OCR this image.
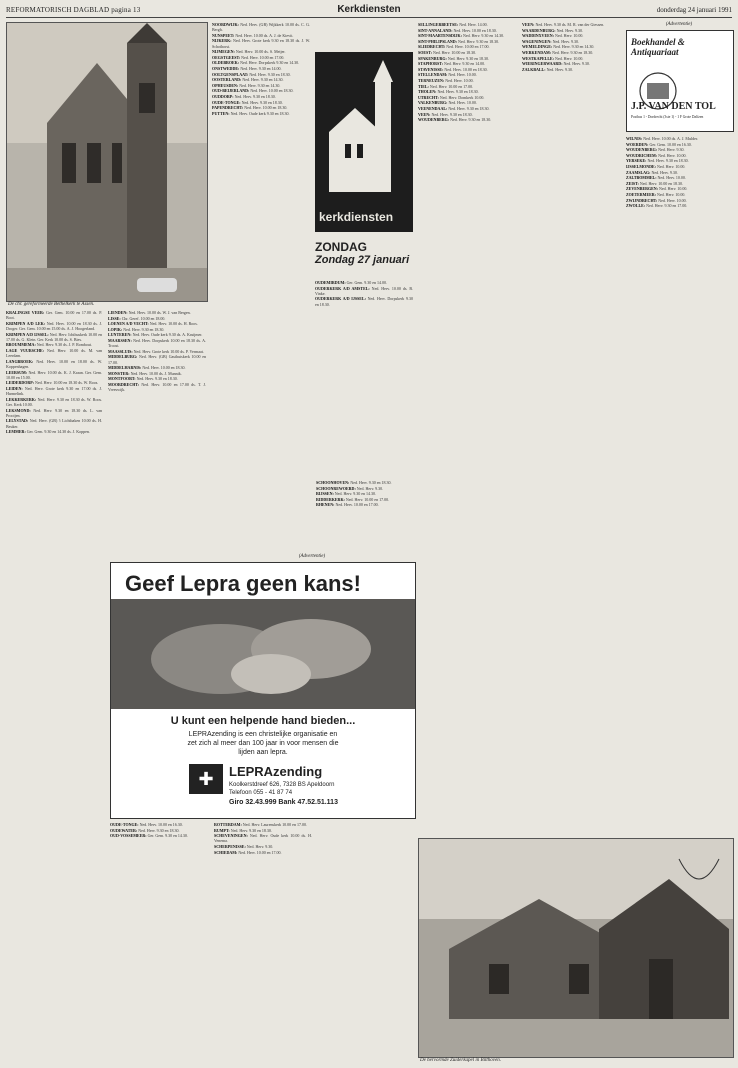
REFORMATORISCH DAGBLAD pagina 13	Kerkdiensten	donderdag 24 januari 1991
De chr. gereformeerde Bethelkerk te Assen.

KRALINGSE VEER: Ger. Gem. 10.00 en 17.00 ds. P. Boot.

KRIMPEN A/D LEK: Ned. Herv. 10.00 en 18.30 ds. J. Droger. Ger. Gem. 10.00 en 15.00 ds. A. J. Hoogerland.

KRIMPEN A/D IJSSEL: Ned. Herv. Ichthuskerk 10.00 en 17.00 ds. G. Klein. Ger. Kerk 10.00 ds. S. Bies.

BROUMMEMA: Ned. Herv. 9.30 ds. J. P. Rombout.

LAGE VUURSCHE: Ned. Herv. 10.00 ds. M. van Leerdam.

LANGBROEK: Ned. Herv. 10.00 en 18.00 ds. W. Koppenhagen.

LEERSUM: Ned. Herv. 10.00 ds. K. J. Kraan. Ger. Gem. 10.00 en 15.00.

LEIDERDORP: Ned. Herv. 10.00 en 18.30 ds. W. Roos.

LEIDEN: Ned. Herv. Grote kerk 9.30 en 17.00 ds. J. Harmelink.

LEKKERKERK: Ned. Herv. 9.30 en 18.30 ds. W. Roos. Ger. Kerk 10.00.

LEKSMOND: Ned. Herv. 9.30 en 18.30 ds. L. van Prooijen.

LELYSTAD: Ned. Herv. (GB) 't Lichtbaken 10.00 ds. H. Beuker.

LEMMER: Ger. Gem. 9.30 en 14.30 ds. J. Koppen.

LIENDEN: Ned. Herv. 10.00 ds. W. J. van Bergen.

LISSE: Chr. Geref. 10.00 en 18.00.

LOENEN A/D VECHT: Ned. Herv. 10.00 ds. H. Roos.

LOPIK: Ned. Herv. 9.30 en 18.30.

LUNTEREN: Ned. Herv. Oude kerk 9.30 ds. A. Kruijmer.

MAARSSEN: Ned. Herv. Dorpskerk 10.00 en 18.30 ds. A. Troost.

MAASSLUIS: Ned. Herv. Grote kerk 10.00 ds. P. Vermaat.

MIDDELBURG: Ned. Herv. (GB) Gasthuiskerk 10.00 en 17.00.

MIDDELHARNIS: Ned. Herv. 10.00 en 18.30.

MONSTER: Ned. Herv. 10.00 ds. J. Munnik.

MONTFOORT: Ned. Herv. 9.30 en 18.30.

MOORDRECHT: Ned. Herv. 10.00 en 17.00 ds. T. J. Vreeswijk.

NOORDWIJK: Ned. Herv. (GB) Wijkkerk 10.00 ds. C. G. Bergh.

NUNSPEET: Ned. Herv. 10.00 ds. A. J. de Kievit.

NIJKERK: Ned. Herv. Grote kerk 9.30 en 18.30 ds. J. W. Schothorst.

NIJMEGEN: Ned. Herv. 10.00 ds. S. Meijer.

OEGSTGEEST: Ned. Herv. 10.00 en 17.00.

OLDEBROEK: Ned. Herv. Dorpskerk 9.30 en 14.30.

ONSTWEDDE: Ned. Herv. 9.30 en 14.00.

OOLTGENSPLAAT: Ned. Herv. 9.30 en 18.30.

OOSTERLAND: Ned. Herv. 9.30 en 14.30.

OPHEUSDEN: Ned. Herv. 9.30 en 14.30.

OUD-BEIJERLAND: Ned. Herv. 10.00 en 18.30.

OUDDORP: Ned. Herv. 9.30 en 18.30.

OUDE-TONGE: Ned. Herv. 9.30 en 18.30.

PAPENDRECHT: Ned. Herv. 10.00 en 18.30.

PUTTEN: Ned. Herv. Oude kerk 9.30 en 18.30.

kerkdiensten
ZONDAG
Zondag 27 januari

OUDEMIRDUM: Ger. Gem. 9.30 en 14.00.

OUDERKERK A/D AMSTEL: Ned. Herv. 10.00 ds. B. Vinke.

OUDERKERK A/D IJSSEL: Ned. Herv. Dorpskerk 9.30 en 18.30.

(Advertentie)
Geef Lepra geen kans!
U kunt een helpende hand bieden...
LEPRAzending is een christelijke organisatie en
zet zich al meer dan 100 jaar in voor mensen die
lijden aan lepra.
✚	LEPRAzending
Koolkerstdreef 626, 7328 BS Apeldoorn
Telefoon 055 - 41 87 74
Giro 32.43.999 Bank 47.52.51.113

OUDE-TONGE: Ned. Herv. 10.00 en 16.30.

OUDEWATER: Ned. Herv. 9.30 en 18.30.

OUD-VOSSEMEER: Ger. Gem. 9.30 en 14.30.

ROTTERDAM: Ned. Herv. Laurenskerk 10.00 en 17.00.

RUMPT: Ned. Herv. 9.30 en 18.30.

SCHEVENINGEN: Ned. Herv. Oude kerk 10.00 ds. H. Venema.

SCHERPENISSE: Ned. Herv. 9.30.

SCHIEDAM: Ned. Herv. 10.00 en 17.00.

SCHOONHOVEN: Ned. Herv. 9.30 en 18.30.

SCHOONREWOERD: Ned. Herv. 9.30.

RIJSSEN: Ned. Herv. 9.30 en 14.30.

RIDDERKERK: Ned. Herv. 10.00 en 17.00.

RHENEN: Ned. Herv. 10.00 en 17.00.

SELLINGERBEETSE: Ned. Herv. 14.00.

SINT-ANNALAND: Ned. Herv. 10.00 en 18.30.

SINT-MAARTENSDIJK: Ned. Herv. 9.30 en 14.30.

SINT-PHILIPSLAND: Ned. Herv. 9.30 en 18.30.

SLIEDRECHT: Ned. Herv. 10.00 en 17.00.

SOEST: Ned. Herv. 10.00 en 18.30.

SPAKENBURG: Ned. Herv. 9.30 en 18.30.

STAPHORST: Ned. Herv. 9.30 en 14.00.

STAVENISSE: Ned. Herv. 10.00 en 18.30.

STELLENDAM: Ned. Herv. 10.00.

TERNEUZEN: Ned. Herv. 10.00.

TIEL: Ned. Herv. 10.00 en 17.00.

THOLEN: Ned. Herv. 9.30 en 18.30.

UTRECHT: Ned. Herv. Domkerk 10.00.

VALKENBURG: Ned. Herv. 10.00.

VEENENDAAL: Ned. Herv. 9.30 en 18.30.

VEEN: Ned. Herv. 9.30 en 18.30.

WOUDENBERG: Ned. Herv. 9.30 en 18.30.

VEEN: Ned. Herv. 9.30 ds. M. R. van der Giessen.

WAARDENBURG: Ned. Herv. 9.30.

WADDINXVEEN: Ned. Herv. 10.00.

WAGENINGEN: Ned. Herv. 9.30.

WEMELDINGE: Ned. Herv. 9.30 en 14.30.

WERKENDAM: Ned. Herv. 9.30 en 18.30.

WESTKAPELLE: Ned. Herv. 10.00.

WIERINGERWAARD: Ned. Herv. 9.30.

ZALKBALL: Ned. Herv. 9.30.

(Advertentie)
Boekhandel & Antiquariaat
J.P. VAN DEN TOL
Postbus 1 - Dordrecht (3ste 1) - 1 F Grote Dalfzen

WILNIS: Ned. Herv. 10.00 ds. A. J. Mulder.

WOERDEN: Ger. Gem. 10.00 en 16.30.

WOUDENBERG: Ned. Herv. 9.30.

WOUDRICHEM: Ned. Herv. 10.00.

YERSEKE: Ned. Herv. 9.30 en 18.30.

IJSSELMONDE: Ned. Herv. 10.00.

ZAAMSLAG: Ned. Herv. 9.30.

ZALTBOMMEL: Ned. Herv. 10.00.

ZEIST: Ned. Herv. 10.00 en 18.30.

ZEVENBERGEN: Ned. Herv. 10.00.

ZOETERMEER: Ned. Herv. 10.00.

ZWIJNDRECHT: Ned. Herv. 10.00.

ZWOLLE: Ned. Herv. 9.30 en 17.00.

De hervormde Zuiderkapel in Bilthoven.
